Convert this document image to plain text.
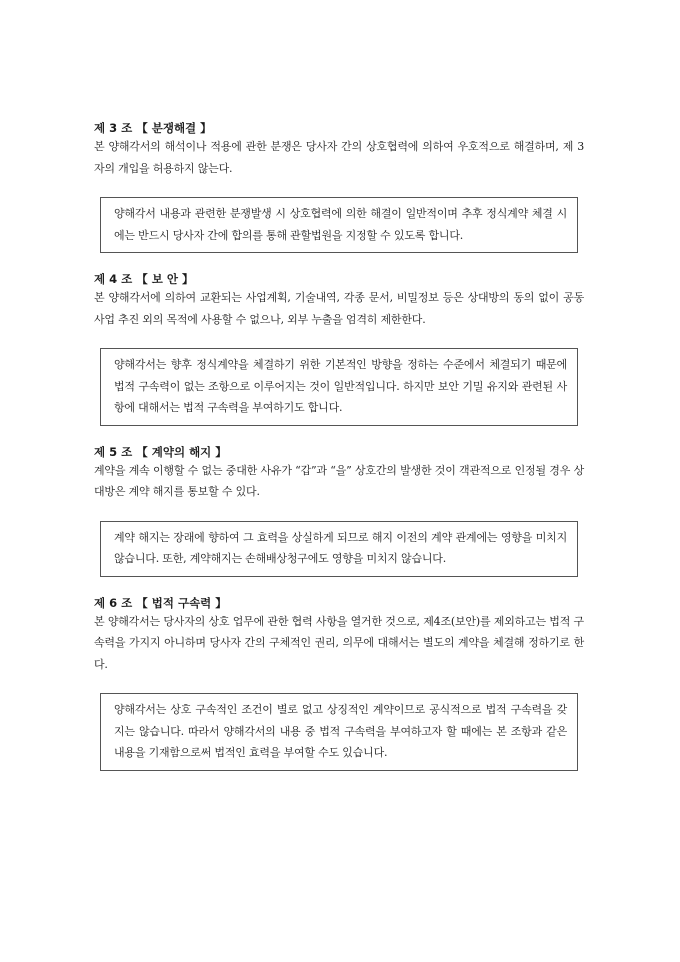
제 3 조 【 분쟁해결 】

본 양해각서의 해석이나 적용에 관한 분쟁은 당사자 간의 상호협력에 의하여 우호적으로 해결하며, 제 3자의 개입을 허용하지 않는다.

양해각서 내용과 관련한 분쟁발생 시 상호협력에 의한 해결이 일반적이며 추후 정식계약 체결 시에는 반드시 당사자 간에 합의를 통해 관할법원을 지정할 수 있도록 합니다.

제 4 조 【 보 안 】

본 양해각서에 의하여 교환되는 사업계획, 기술내역, 각종 문서, 비밀정보 등은 상대방의 동의 없이 공동 사업 추진 외의 목적에 사용할 수 없으나, 외부 누출을 엄격히 제한한다.

양해각서는 향후 정식계약을 체결하기 위한 기본적인 방향을 정하는 수준에서 체결되기 때문에 법적 구속력이 없는 조항으로 이루어지는 것이 일반적입니다. 하지만 보안 기밀 유지와 관련된 사항에 대해서는 법적 구속력을 부여하기도 합니다.

제 5 조 【 계약의 해지 】

계약을 계속 이행할 수 없는 중대한 사유가 “갑”과 “을” 상호간의 발생한 것이 객관적으로 인정될 경우 상대방은 계약 해지를 통보할 수 있다.

계약 해지는 장래에 향하여 그 효력을 상실하게 되므로 해지 이전의 계약 관계에는 영향을 미치지 않습니다. 또한, 계약해지는 손해배상청구에도 영향을 미치지 않습니다.

제 6 조 【 법적 구속력 】

본 양해각서는 당사자의 상호 업무에 관한 협력 사항을 열거한 것으로, 제4조(보안)를 제외하고는 법적 구속력을 가지지 아니하며 당사자 간의 구체적인 권리, 의무에 대해서는 별도의 계약을 체결해 정하기로 한다.

양해각서는 상호 구속적인 조건이 별로 없고 상징적인 계약이므로 공식적으로 법적 구속력을 갖지는 않습니다. 따라서 양해각서의 내용 중 법적 구속력을 부여하고자 할 때에는 본 조항과 같은 내용을 기재함으로써 법적인 효력을 부여할 수도 있습니다.
